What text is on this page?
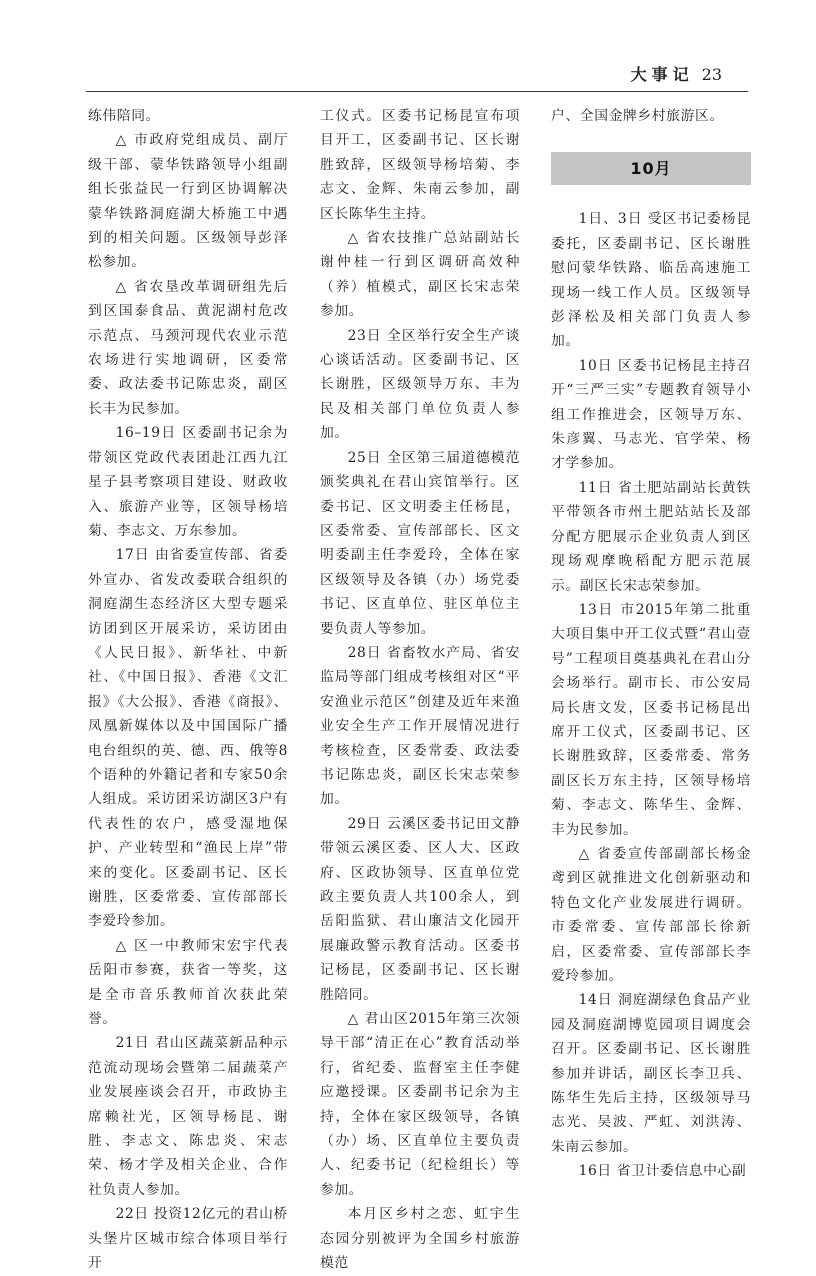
大事记 23

练伟陪同。

△ 市政府党组成员、副厅级干部、蒙华铁路领导小组副组长张益民一行到区协调解决蒙华铁路洞庭湖大桥施工中遇到的相关问题。区级领导彭泽松参加。

△ 省农垦改革调研组先后到区国泰食品、黄泥湖村危改示范点、马颈河现代农业示范农场进行实地调研，区委常委、政法委书记陈忠炎，副区长丰为民参加。

16–19日 区委副书记余为带领区党政代表团赴江西九江星子县考察项目建设、财政收入、旅游产业等，区领导杨培菊、李志文、万东参加。

17日 由省委宣传部、省委外宣办、省发改委联合组织的洞庭湖生态经济区大型专题采访团到区开展采访，采访团由《人民日报》、新华社、中新社、《中国日报》、香港《文汇报》《大公报》、香港《商报》、凤凰新媒体以及中国国际广播电台组织的英、德、西、俄等8个语种的外籍记者和专家50余人组成。采访团采访湖区3户有代表性的农户，感受湿地保护、产业转型和“渔民上岸”带来的变化。区委副书记、区长谢胜，区委常委、宣传部部长李爱玲参加。

△ 区一中教师宋宏宇代表岳阳市参赛，获省一等奖，这是全市音乐教师首次获此荣誉。

21日 君山区蔬菜新品种示范流动现场会暨第二届蔬菜产业发展座谈会召开，市政协主席赖社光，区领导杨昆、谢胜、李志文、陈忠炎、宋志荣、杨才学及相关企业、合作社负责人参加。

22日 投资12亿元的君山桥头堡片区城市综合体项目举行开

工仪式。区委书记杨昆宣布项目开工，区委副书记、区长谢胜致辞，区级领导杨培菊、李志文、金辉、朱南云参加，副区长陈华生主持。

△ 省农技推广总站副站长谢仲桂一行到区调研高效种（养）植模式，副区长宋志荣参加。

23日 全区举行安全生产谈心谈话活动。区委副书记、区长谢胜，区级领导万东、丰为民及相关部门单位负责人参加。

25日 全区第三届道德模范颁奖典礼在君山宾馆举行。区委书记、区文明委主任杨昆，区委常委、宣传部部长、区文明委副主任李爱玲，全体在家区级领导及各镇（办）场党委书记、区直单位、驻区单位主要负责人等参加。

28日 省畜牧水产局、省安监局等部门组成考核组对区“平安渔业示范区”创建及近年来渔业安全生产工作开展情况进行考核检查，区委常委、政法委书记陈忠炎，副区长宋志荣参加。

29日 云溪区委书记田文静带领云溪区委、区人大、区政府、区政协领导、区直单位党政主要负责人共100余人，到岳阳监狱、君山廉洁文化园开展廉政警示教育活动。区委书记杨昆，区委副书记、区长谢胜陪同。

△ 君山区2015年第三次领导干部“清正在心”教育活动举行，省纪委、监督室主任李健应邀授课。区委副书记余为主持，全体在家区级领导，各镇（办）场、区直单位主要负责人、纪委书记（纪检组长）等参加。

本月区乡村之恋、虹宇生态园分别被评为全国乡村旅游模范

户、全国金牌乡村旅游区。

10月

1日、3日 受区书记委杨昆委托，区委副书记、区长谢胜慰问蒙华铁路、临岳高速施工现场一线工作人员。区级领导彭泽松及相关部门负责人参加。

10日 区委书记杨昆主持召开“三严三实”专题教育领导小组工作推进会，区领导万东、朱彦翼、马志光、官学荣、杨才学参加。

11日 省土肥站副站长黄铁平带领各市州土肥站站长及部分配方肥展示企业负责人到区现场观摩晚稻配方肥示范展示。副区长宋志荣参加。

13日 市2015年第二批重大项目集中开工仪式暨“君山壹号”工程项目奠基典礼在君山分会场举行。副市长、市公安局局长唐文发，区委书记杨昆出席开工仪式，区委副书记、区长谢胜致辞，区委常委、常务副区长万东主持，区领导杨培菊、李志文、陈华生、金辉、丰为民参加。

△ 省委宣传部副部长杨金鸢到区就推进文化创新驱动和特色文化产业发展进行调研。市委常委、宣传部部长徐新启，区委常委、宣传部部长李爱玲参加。

14日 洞庭湖绿色食品产业园及洞庭湖博览园项目调度会召开。区委副书记、区长谢胜参加并讲话，副区长李卫兵、陈华生先后主持，区级领导马志光、吴波、严虹、刘洪涛、朱南云参加。

16日 省卫计委信息中心副
